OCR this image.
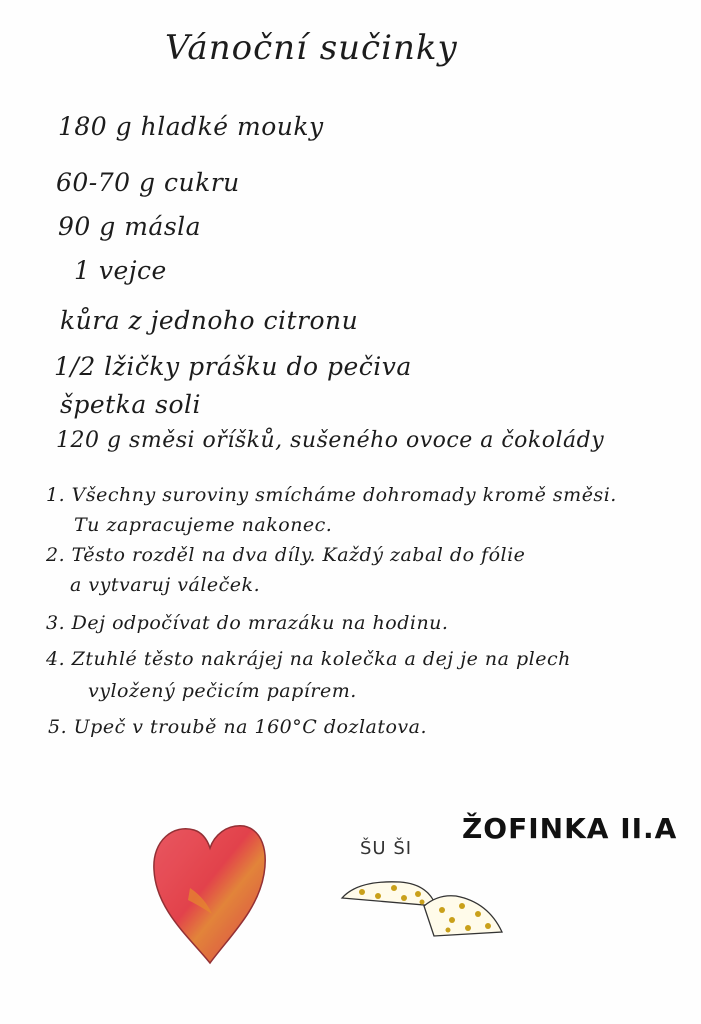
Vánoční sučinky
180 g hladké mouky
60-70 g cukru
90 g másla
1 vejce
kůra z jednoho citronu
1/2 lžičky prášku do pečiva
špetka soli
120 g směsi oříšků, sušeného ovoce a čokolády
1. Všechny suroviny smícháme dohromady kromě směsi.
Tu zapracujeme nakonec.
2. Těsto rozděl na dva díly. Každý zabal do fólie
a vytvaruj váleček.
3. Dej odpočívat do mrazáku na hodinu.
4. Ztuhlé těsto nakrájej na kolečka a dej je na plech
vyložený pečicím papírem.
5. Upeč v troubě na 160°C dozlatova.
ŽOFINKA II.A
ŠU ŠI
